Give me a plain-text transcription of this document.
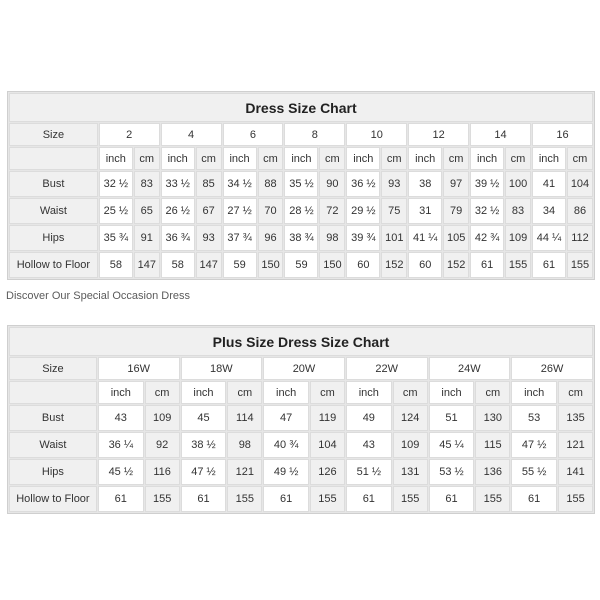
Dress Size Chart																
Size	2		4		6		8		10		12		14		16	
	inch	cm	inch	cm	inch	cm	inch	cm	inch	cm	inch	cm	inch	cm	inch	cm
Bust	32 ½	83	33 ½	85	34 ½	88	35 ½	90	36 ½	93	38	97	39 ½	100	41	104
Waist	25 ½	65	26 ½	67	27 ½	70	28 ½	72	29 ½	75	31	79	32 ½	83	34	86
Hips	35 ¾	91	36 ¾	93	37 ¾	96	38 ¾	98	39 ¾	101	41 ¼	105	42 ¾	109	44 ¼	112
Hollow to Floor	58	147	58	147	59	150	59	150	60	152	60	152	61	155	61	155
Discover Our Special Occasion Dress
Plus Size Dress Size Chart												
Size	16W		18W		20W		22W		24W		26W	
	inch	cm	inch	cm	inch	cm	inch	cm	inch	cm	inch	cm
Bust	43	109	45	114	47	119	49	124	51	130	53	135
Waist	36 ¼	92	38 ½	98	40 ¾	104	43	109	45 ¼	115	47 ½	121
Hips	45 ½	116	47 ½	121	49 ½	126	51 ½	131	53 ½	136	55 ½	141
Hollow to Floor	61	155	61	155	61	155	61	155	61	155	61	155
